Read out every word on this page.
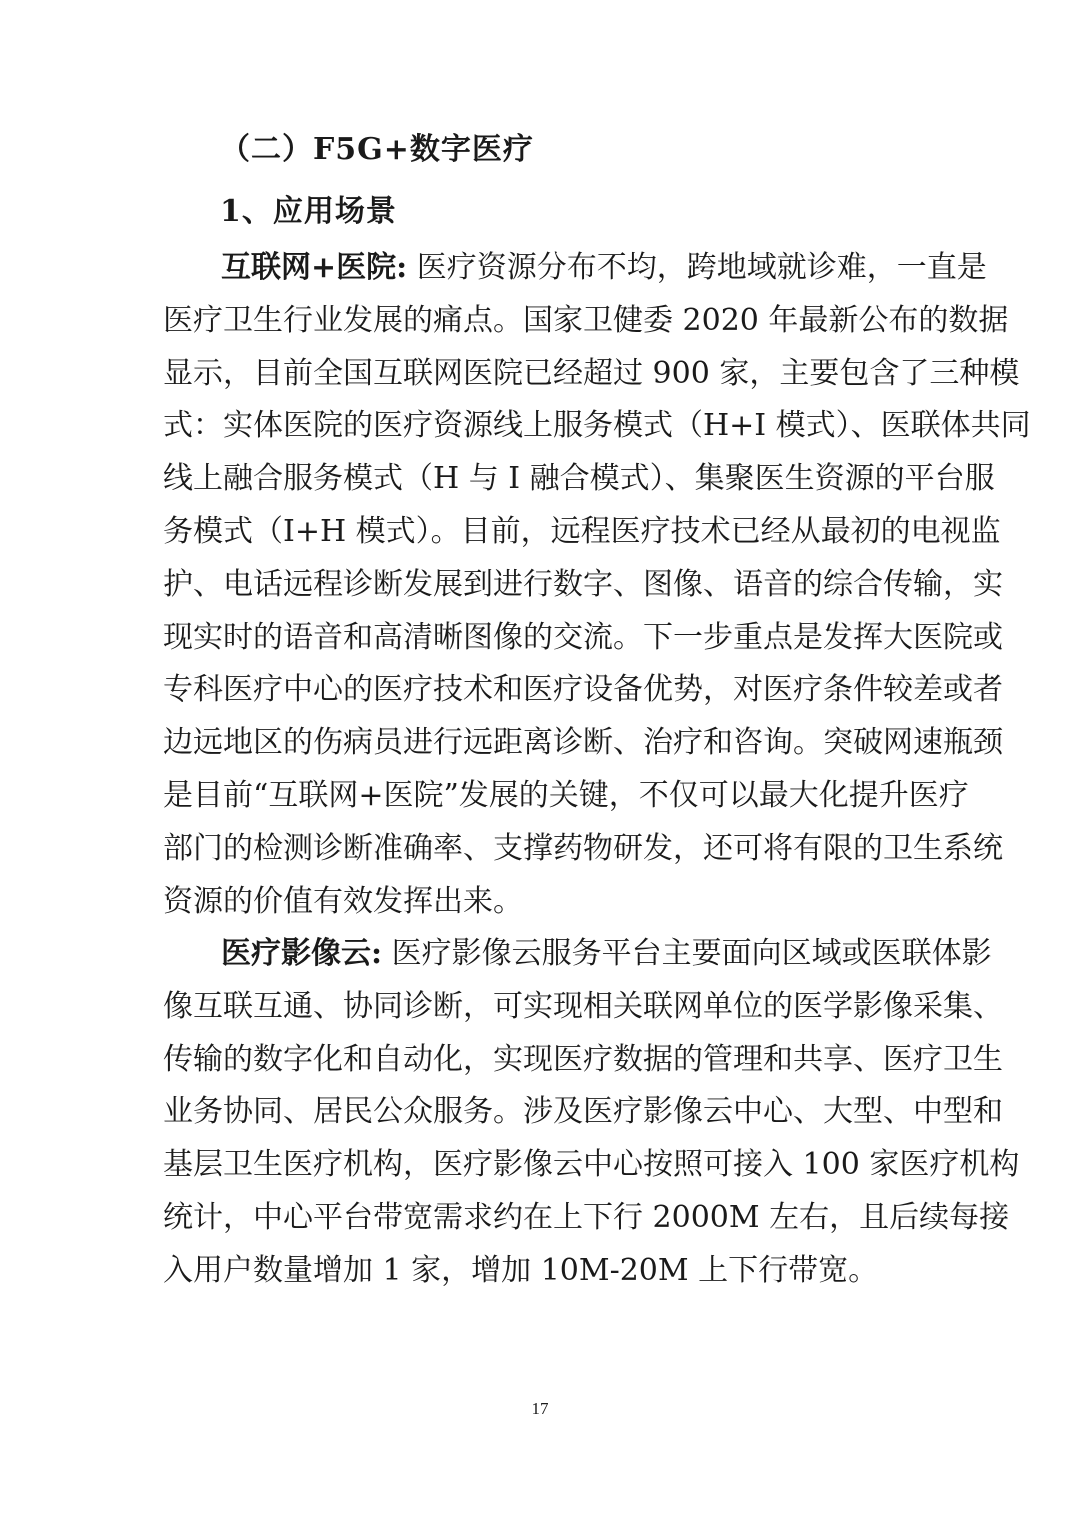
（二）F5G+数字医疗
1、应用场景
互联网+医院: 医疗资源分布不均，跨地域就诊难，一直是
医疗卫生行业发展的痛点。国家卫健委 2020 年最新公布的数据
显示，目前全国互联网医院已经超过 900 家，主要包含了三种模
式：实体医院的医疗资源线上服务模式（H+I 模式）、医联体共同
线上融合服务模式（H 与 I 融合模式）、集聚医生资源的平台服
务模式（I+H 模式）。目前，远程医疗技术已经从最初的电视监
护、电话远程诊断发展到进行数字、图像、语音的综合传输，实
现实时的语音和高清晰图像的交流。下一步重点是发挥大医院或
专科医疗中心的医疗技术和医疗设备优势，对医疗条件较差或者
边远地区的伤病员进行远距离诊断、治疗和咨询。突破网速瓶颈
是目前“互联网+医院”发展的关键，不仅可以最大化提升医疗
部门的检测诊断准确率、支撑药物研发，还可将有限的卫生系统
资源的价值有效发挥出来。
医疗影像云: 医疗影像云服务平台主要面向区域或医联体影
像互联互通、协同诊断，可实现相关联网单位的医学影像采集、
传输的数字化和自动化，实现医疗数据的管理和共享、医疗卫生
业务协同、居民公众服务。涉及医疗影像云中心、大型、中型和
基层卫生医疗机构，医疗影像云中心按照可接入 100 家医疗机构
统计，中心平台带宽需求约在上下行 2000M 左右，且后续每接
入用户数量增加 1 家，增加 10M-20M 上下行带宽。
17
